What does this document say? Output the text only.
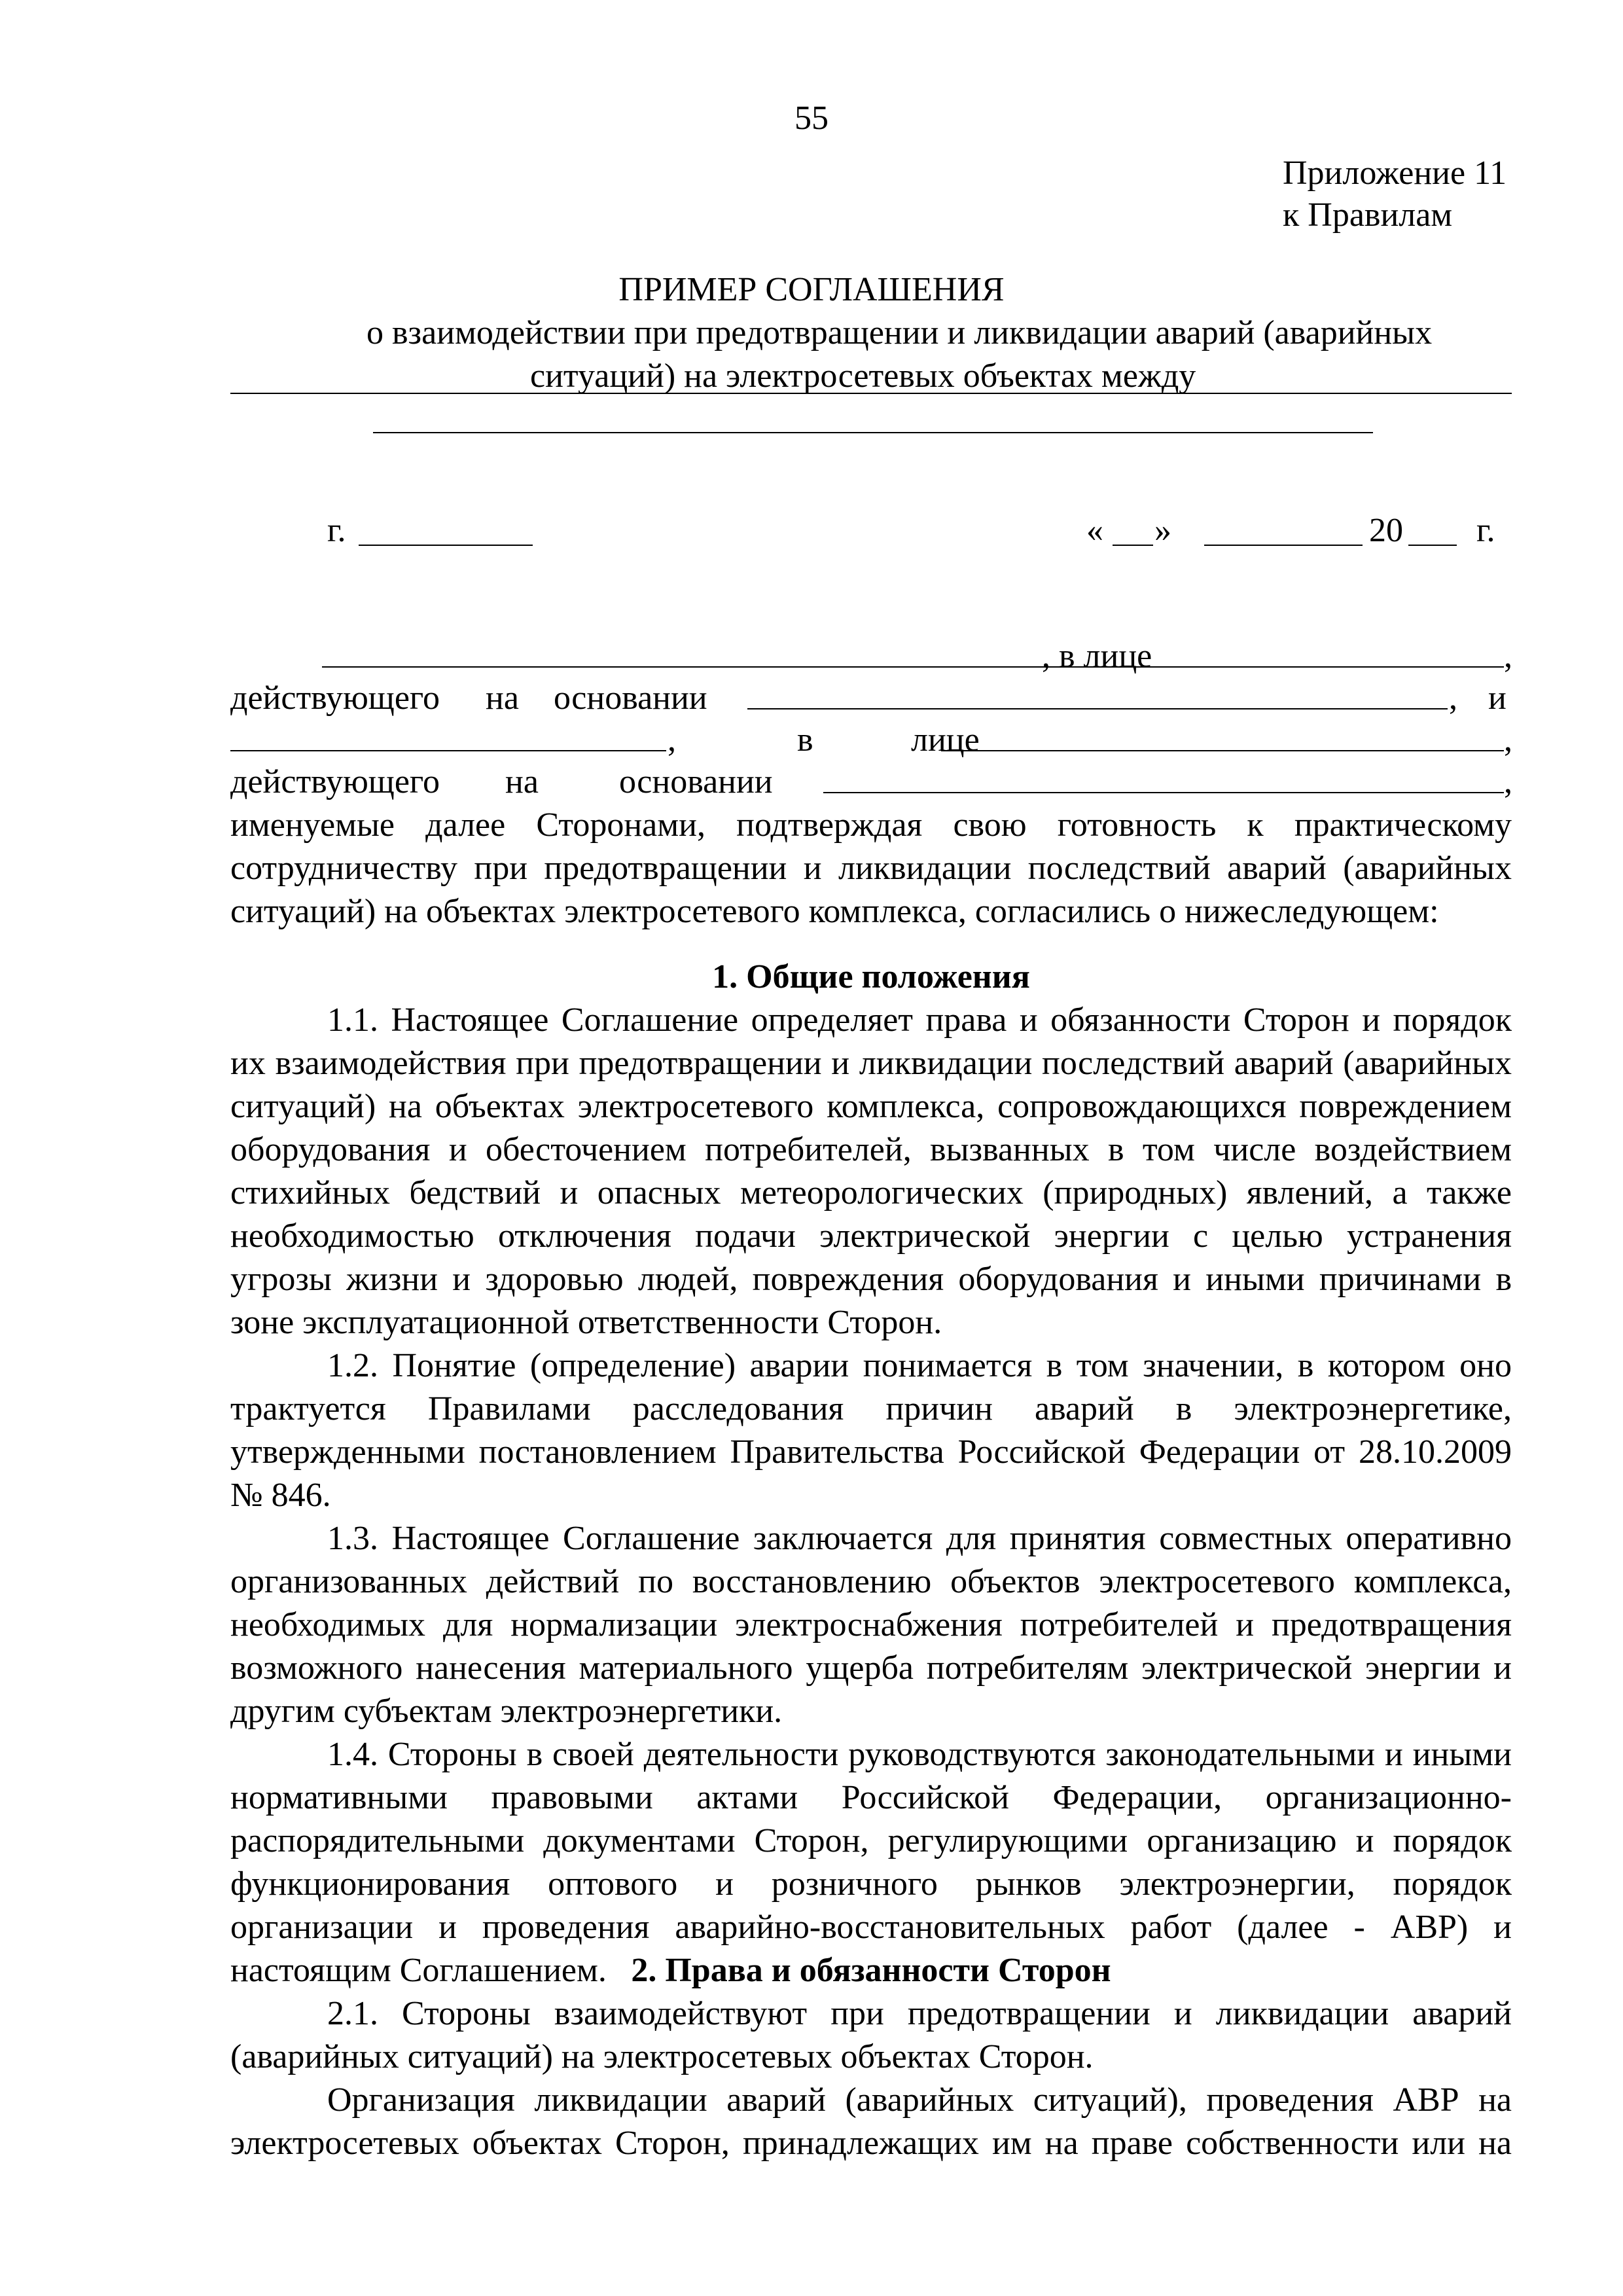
55
Приложение 11
к Правилам
ПРИМЕР СОГЛАШЕНИЯ
о взаимодействии при предотвращении и ликвидации аварий (аварийных
ситуаций) на электросетевых объектах между
г.	« »	20 г.
, в лице	,
действующего на основании	, и
,	в	лице	,
действующего на основании	,

именуемые далее Сторонами, подтверждая свою готовность к практическому сотрудничеству при предотвращении и ликвидации последствий аварий (аварийных ситуаций) на объектах электросетевого комплекса, согласились о нижеследующем:

1. Общие положения

1.1. Настоящее Соглашение определяет права и обязанности Сторон и порядок их взаимодействия при предотвращении и ликвидации последствий аварий (аварийных ситуаций) на объектах электросетевого комплекса, сопровождающихся повреждением оборудования и обесточением потребителей, вызванных в том числе воздействием стихийных бедствий и опасных метеорологических (природных) явлений, а также необходимостью отключения подачи электрической энергии с целью устранения угрозы жизни и здоровью людей, повреждения оборудования и иными причинами в зоне эксплуатационной ответственности Сторон.

1.2. Понятие (определение) аварии понимается в том значении, в котором оно трактуется Правилами расследования причин аварий в электроэнергетике, утвержденными постановлением Правительства Российской Федерации от 28.10.2009 № 846.

1.3. Настоящее Соглашение заключается для принятия совместных оперативно организованных действий по восстановлению объектов электросетевого комплекса, необходимых для нормализации электроснабжения потребителей и предотвращения возможного нанесения материального ущерба потребителям электрической энергии и другим субъектам электроэнергетики.

1.4. Стороны в своей деятельности руководствуются законодательными и иными нормативными правовыми актами Российской Федерации, организационно-распорядительными документами Сторон, регулирующими организацию и порядок функционирования оптового и розничного рынков электроэнергии, порядок организации и проведения аварийно-восстановительных работ (далее - АВР) и настоящим Соглашением. 2. Права и обязанности Сторон

2.1. Стороны взаимодействуют при предотвращении и ликвидации аварий (аварийных ситуаций) на электросетевых объектах Сторон.

Организация ликвидации аварий (аварийных ситуаций), проведения АВР на электросетевых объектах Сторон, принадлежащих им на праве собственности или на
